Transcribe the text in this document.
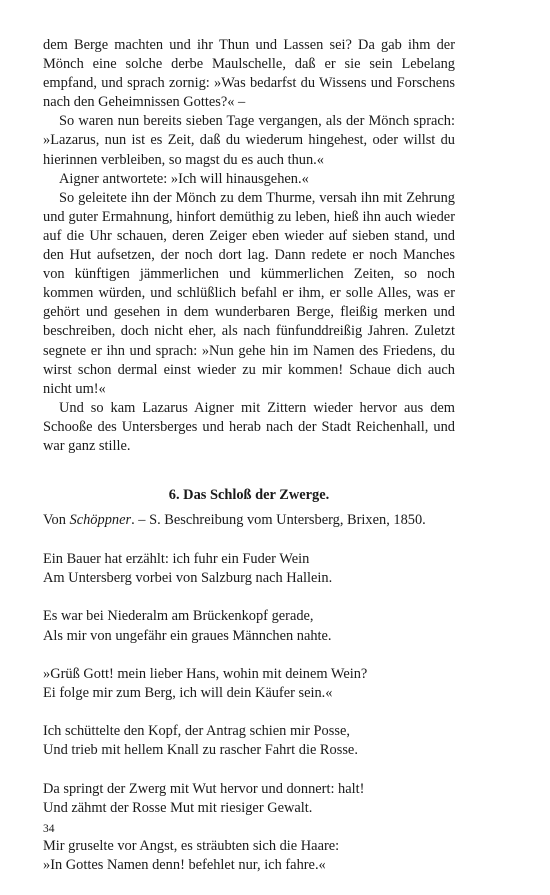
dem Berge machten und ihr Thun und Lassen sei? Da gab ihm der Mönch eine solche derbe Maulschelle, daß er sie sein Lebelang empfand, und sprach zornig: »Was bedarfst du Wissens und Forschens nach den Geheimnissen Gottes?« –

So waren nun bereits sieben Tage vergangen, als der Mönch sprach: »Lazarus, nun ist es Zeit, daß du wiederum hingehest, oder willst du hierinnen verbleiben, so magst du es auch thun.«

Aigner antwortete: »Ich will hinausgehen.«

So geleitete ihn der Mönch zu dem Thurme, versah ihn mit Zehrung und guter Ermahnung, hinfort demüthig zu leben, hieß ihn auch wieder auf die Uhr schauen, deren Zeiger eben wieder auf sieben stand, und den Hut aufsetzen, der noch dort lag. Dann redete er noch Manches von künftigen jämmerlichen und kümmerlichen Zeiten, so noch kommen würden, und schlüßlich befahl er ihm, er solle Alles, was er gehört und gesehen in dem wunderbaren Berge, fleißig merken und beschreiben, doch nicht eher, als nach fünfunddreißig Jahren. Zuletzt segnete er ihn und sprach: »Nun gehe hin im Namen des Friedens, du wirst schon dermal einst wieder zu mir kommen! Schaue dich auch nicht um!«

Und so kam Lazarus Aigner mit Zittern wieder hervor aus dem Schooße des Untersberges und herab nach der Stadt Reichenhall, und war ganz stille.

6. Das Schloß der Zwerge.

Von Schöppner. – S. Beschreibung vom Untersberg, Brixen, 1850.

Ein Bauer hat erzählt: ich fuhr ein Fuder Wein
Am Untersberg vorbei von Salzburg nach Hallein.
Es war bei Niederalm am Brückenkopf gerade,
Als mir von ungefähr ein graues Männchen nahte.
»Grüß Gott! mein lieber Hans, wohin mit deinem Wein?
Ei folge mir zum Berg, ich will dein Käufer sein.«
Ich schüttelte den Kopf, der Antrag schien mir Posse,
Und trieb mit hellem Knall zu rascher Fahrt die Rosse.
Da springt der Zwerg mit Wut hervor und donnert: halt!
Und zähmt der Rosse Mut mit riesiger Gewalt.
Mir gruselte vor Angst, es sträubten sich die Haare:
»In Gottes Namen denn! befehlet nur, ich fahre.«
34
